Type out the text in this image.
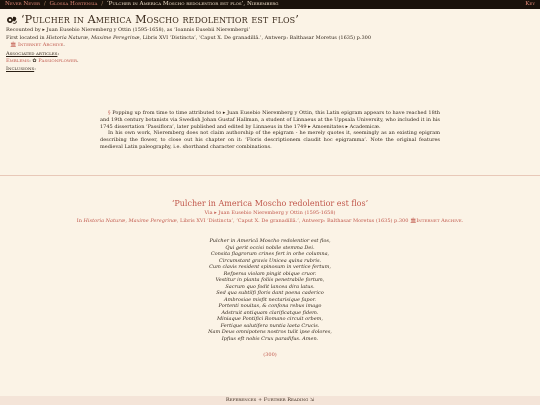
Never Never / Glossa Hortensia / ‘Pulcher in America Moscho redolentior est flos’, Nieremberg	Key
‘Pulcher in America Moscho redolentior est flos’
Recounted by ▸ Juan Eusebio Nieremberg y Ottin (1595-1658), as ‘Ioannis Eusebii Nierembergi’
First located in Historia Naturæ, Maxime Peregrinæ, Libris XVI ‘Distincta’, ‘Caput X. De granadillâ.’, Antwerp: Balthasar Moretus (1635) p.300
🏛 Internet Archive.
Associated articles:
Emblems: ✿ Passionflower.
Inclusions:

§ Popping up from time to time attributed to ▸ Juan Eusebio Nieremberg y Ottin, this Latin epigram appears to have reached 18th and 19th century botanists via Swedish Johan Gustaf Hallman, a student of Linnaeus at the Uppsala University, who included it in his 1745 dissertation ‘Passiflora’, later published and edited by Linnaeus in the 1749 ▸ Amoenitates ▸ Academicæ.

In his own work, Nieremberg does not claim authorship of the epigram - he merely quotes it, seemingly as an existing epigram describing the flower, to close out his chapter on it: ‘Floris descriptionem claudit hoc epigramma’. Note the original features medieval Latin paleography, i.e. shorthand character combinations.

‘Pulcher in America Moscho redolentior est flos’
Via ▸ Juan Eusebio Nieremberg y Ottin (1595-1658)
In Historia Naturæ, Maxime Peregrinæ, Libris XVI ‘Distincta’, ‘Caput X. De granadillâ.’, Antwerp: Balthasar Moretus (1635) p.300 🏛Internet Archive.
Pulcher in Americâ Moscho redolentior est flos,
Qui gerit occisi nobile stemma Dei.
Consita flagrorum crines fert in orbe columna,
Circumstant gravis Unicea quina rubris.
Cum clavis resident spinosum in vertice fertum,
Refpersa violam pingit obique cruor.
Vestitur in planta foliis penetrabile fortum,
Sacrum quo fodit lancea dira latus.
Sed qua subtilfi floris dant poena caderico
Ambrosiae misfit nectarisique fapor.
Portenti nouitas, & confona rebus imago
Adstruit antiquam clarificatque fidem.
Miniaque Pontifici Romano circuit orbem,
Fertique salutifera nuntia laeta Crucis.
Nam Deus omnipotens nostros tulit ipse dolores,
Ipfius eft nobis Crux paradifus. Amen.
(300)
References + Further Reading ⇲
